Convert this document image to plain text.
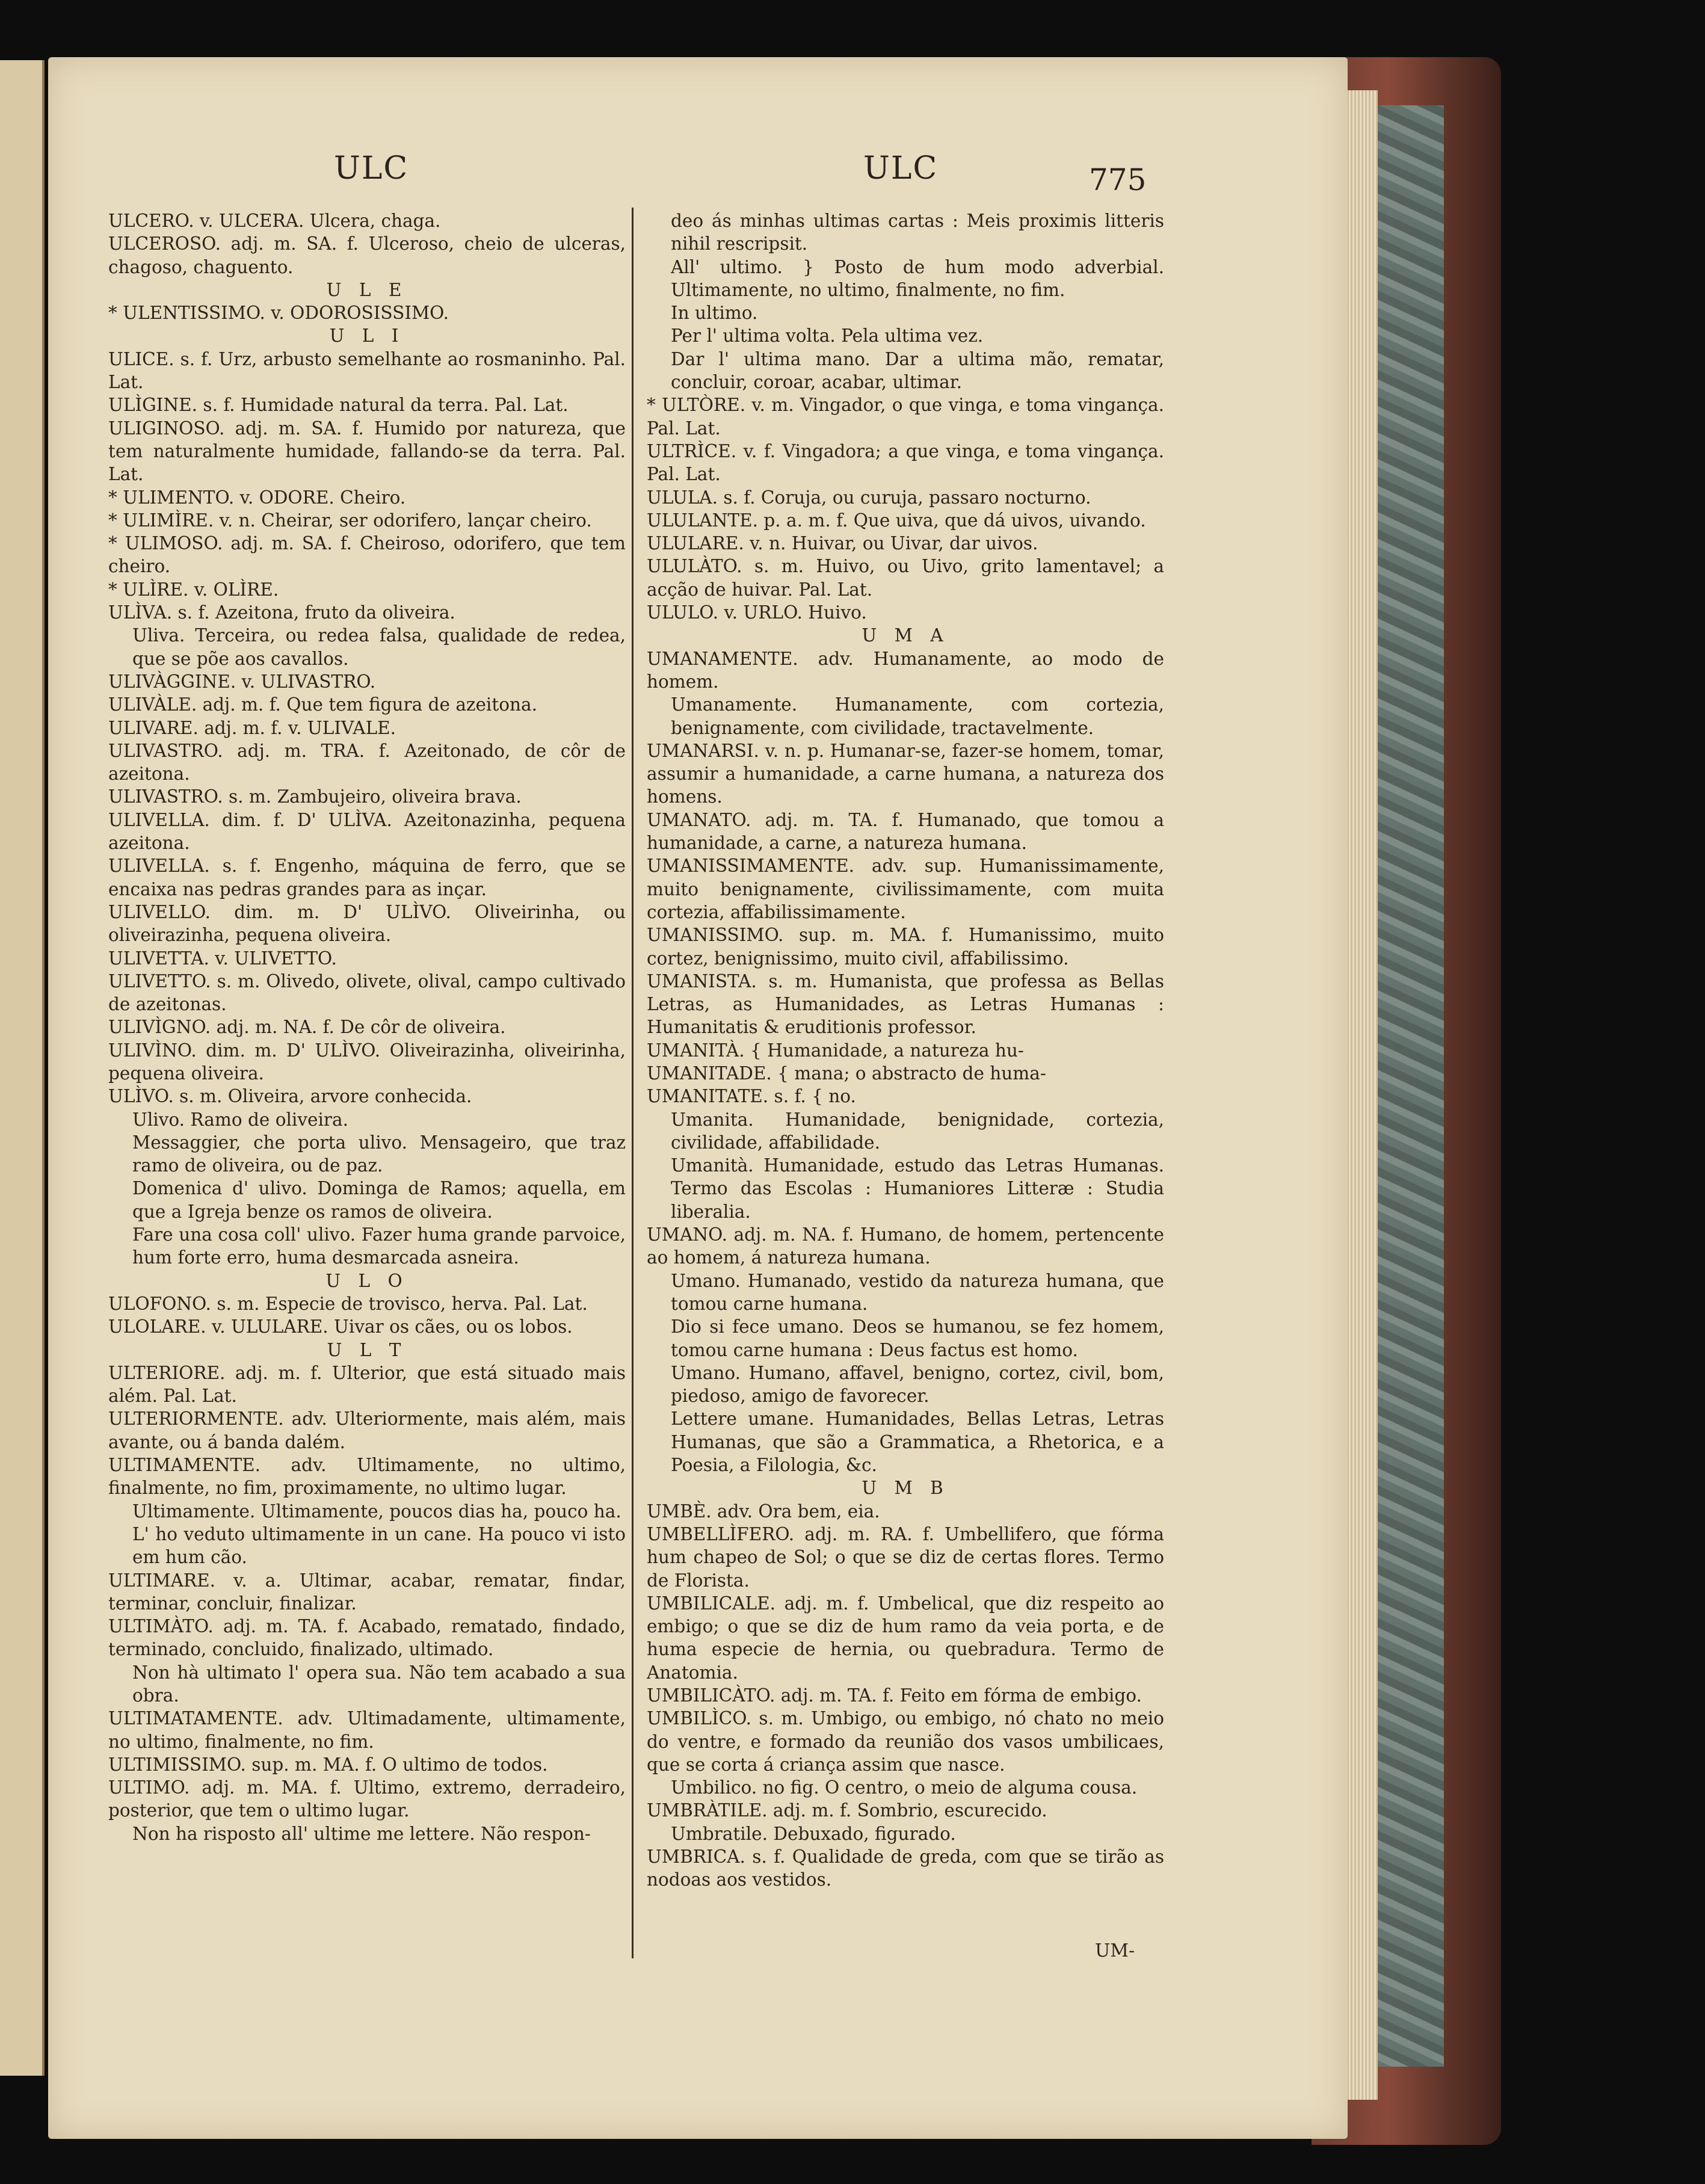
ULC	ULC	775

ULCERO. v. ULCERA. Ulcera, chaga.

ULCEROSO. adj. m. SA. f. Ulceroso, cheio de ulceras, chagoso, chaguento.

U L E

* ULENTISSIMO. v. ODOROSISSIMO.

U L I

ULICE. s. f. Urz, arbusto semelhante ao rosmaninho. Pal. Lat.

ULÌGINE. s. f. Humidade natural da terra. Pal. Lat.

ULIGINOSO. adj. m. SA. f. Humido por natureza, que tem naturalmente humidade, fallando-se da terra. Pal. Lat.

* ULIMENTO. v. ODORE. Cheiro.

* ULIMÌRE. v. n. Cheirar, ser odorifero, lançar cheiro.

* ULIMOSO. adj. m. SA. f. Cheiroso, odorifero, que tem cheiro.

* ULÌRE. v. OLÌRE.

ULÌVA. s. f. Azeitona, fruto da oliveira.

Uliva. Terceira, ou redea falsa, qualidade de redea, que se põe aos cavallos.

ULIVÀGGINE. v. ULIVASTRO.

ULIVÀLE. adj. m. f. Que tem figura de azeitona.

ULIVARE. adj. m. f. v. ULIVALE.

ULIVASTRO. adj. m. TRA. f. Azeitonado, de côr de azeitona.

ULIVASTRO. s. m. Zambujeiro, oliveira brava.

ULIVELLA. dim. f. D' ULÌVA. Azeitonazinha, pequena azeitona.

ULIVELLA. s. f. Engenho, máquina de ferro, que se encaixa nas pedras grandes para as inçar.

ULIVELLO. dim. m. D' ULÌVO. Oliveirinha, ou oliveirazinha, pequena oliveira.

ULIVETTA. v. ULIVETTO.

ULIVETTO. s. m. Olivedo, olivete, olival, campo cultivado de azeitonas.

ULIVÌGNO. adj. m. NA. f. De côr de oliveira.

ULIVÌNO. dim. m. D' ULÌVO. Oliveirazinha, oliveirinha, pequena oliveira.

ULÌVO. s. m. Oliveira, arvore conhecida.

Ulivo. Ramo de oliveira.

Messaggier, che porta ulivo. Mensageiro, que traz ramo de oliveira, ou de paz.

Domenica d' ulivo. Dominga de Ramos; aquella, em que a Igreja benze os ramos de oliveira.

Fare una cosa coll' ulivo. Fazer huma grande parvoice, hum forte erro, huma desmarcada asneira.

U L O

ULOFONO. s. m. Especie de trovisco, herva. Pal. Lat.

ULOLARE. v. ULULARE. Uivar os cães, ou os lobos.

U L T

ULTERIORE. adj. m. f. Ulterior, que está situado mais além. Pal. Lat.

ULTERIORMENTE. adv. Ulteriormente, mais além, mais avante, ou á banda dalém.

ULTIMAMENTE. adv. Ultimamente, no ultimo, finalmente, no fim, proximamente, no ultimo lugar.

Ultimamente. Ultimamente, poucos dias ha, pouco ha.

L' ho veduto ultimamente in un cane. Ha pouco vi isto em hum cão.

ULTIMARE. v. a. Ultimar, acabar, rematar, findar, terminar, concluir, finalizar.

ULTIMÀTO. adj. m. TA. f. Acabado, rematado, findado, terminado, concluido, finalizado, ultimado.

Non hà ultimato l' opera sua. Não tem acabado a sua obra.

ULTIMATAMENTE. adv. Ultimadamente, ultimamente, no ultimo, finalmente, no fim.

ULTIMISSIMO. sup. m. MA. f. O ultimo de todos.

ULTIMO. adj. m. MA. f. Ultimo, extremo, derradeiro, posterior, que tem o ultimo lugar.

Non ha risposto all' ultime me lettere. Não respon-

deo ás minhas ultimas cartas : Meis proximis litteris nihil rescripsit.

All' ultimo. } Posto de hum modo adverbial. Ultimamente, no ultimo, finalmente, no fim.

In ultimo.

Per l' ultima volta. Pela ultima vez.

Dar l' ultima mano. Dar a ultima mão, rematar, concluir, coroar, acabar, ultimar.

* ULTÒRE. v. m. Vingador, o que vinga, e toma vingança. Pal. Lat.

ULTRÌCE. v. f. Vingadora; a que vinga, e toma vingança. Pal. Lat.

ULULA. s. f. Coruja, ou curuja, passaro nocturno.

ULULANTE. p. a. m. f. Que uiva, que dá uivos, uivando.

ULULARE. v. n. Huivar, ou Uivar, dar uivos.

ULULÀTO. s. m. Huivo, ou Uivo, grito lamentavel; a acção de huivar. Pal. Lat.

ULULO. v. URLO. Huivo.

U M A

UMANAMENTE. adv. Humanamente, ao modo de homem.

Umanamente. Humanamente, com cortezia, benignamente, com civilidade, tractavelmente.

UMANARSI. v. n. p. Humanar-se, fazer-se homem, tomar, assumir a humanidade, a carne humana, a natureza dos homens.

UMANATO. adj. m. TA. f. Humanado, que tomou a humanidade, a carne, a natureza humana.

UMANISSIMAMENTE. adv. sup. Humanissimamente, muito benignamente, civilissimamente, com muita cortezia, affabilissimamente.

UMANISSIMO. sup. m. MA. f. Humanissimo, muito cortez, benignissimo, muito civil, affabilissimo.

UMANISTA. s. m. Humanista, que professa as Bellas Letras, as Humanidades, as Letras Humanas : Humanitatis & eruditionis professor.

UMANITÀ. { Humanidade, a natureza hu-

UMANITADE. { mana; o abstracto de huma-

UMANITATE. s. f. { no.

Umanita. Humanidade, benignidade, cortezia, civilidade, affabilidade.

Umanità. Humanidade, estudo das Letras Humanas. Termo das Escolas : Humaniores Litteræ : Studia liberalia.

UMANO. adj. m. NA. f. Humano, de homem, pertencente ao homem, á natureza humana.

Umano. Humanado, vestido da natureza humana, que tomou carne humana.

Dio si fece umano. Deos se humanou, se fez homem, tomou carne humana : Deus factus est homo.

Umano. Humano, affavel, benigno, cortez, civil, bom, piedoso, amigo de favorecer.

Lettere umane. Humanidades, Bellas Letras, Letras Humanas, que são a Grammatica, a Rhetorica, e a Poesia, a Filologia, &c.

U M B

UMBÈ. adv. Ora bem, eia.

UMBELLÌFERO. adj. m. RA. f. Umbellifero, que fórma hum chapeo de Sol; o que se diz de certas flores. Termo de Florista.

UMBILICALE. adj. m. f. Umbelical, que diz respeito ao embigo; o que se diz de hum ramo da veia porta, e de huma especie de hernia, ou quebradura. Termo de Anatomia.

UMBILICÀTO. adj. m. TA. f. Feito em fórma de embigo.

UMBILÌCO. s. m. Umbigo, ou embigo, nó chato no meio do ventre, e formado da reunião dos vasos umbilicaes, que se corta á criança assim que nasce.

Umbilico. no fig. O centro, o meio de alguma cousa.

UMBRÀTILE. adj. m. f. Sombrio, escurecido.

Umbratile. Debuxado, figurado.

UMBRICA. s. f. Qualidade de greda, com que se tirão as nodoas aos vestidos.

UM-
